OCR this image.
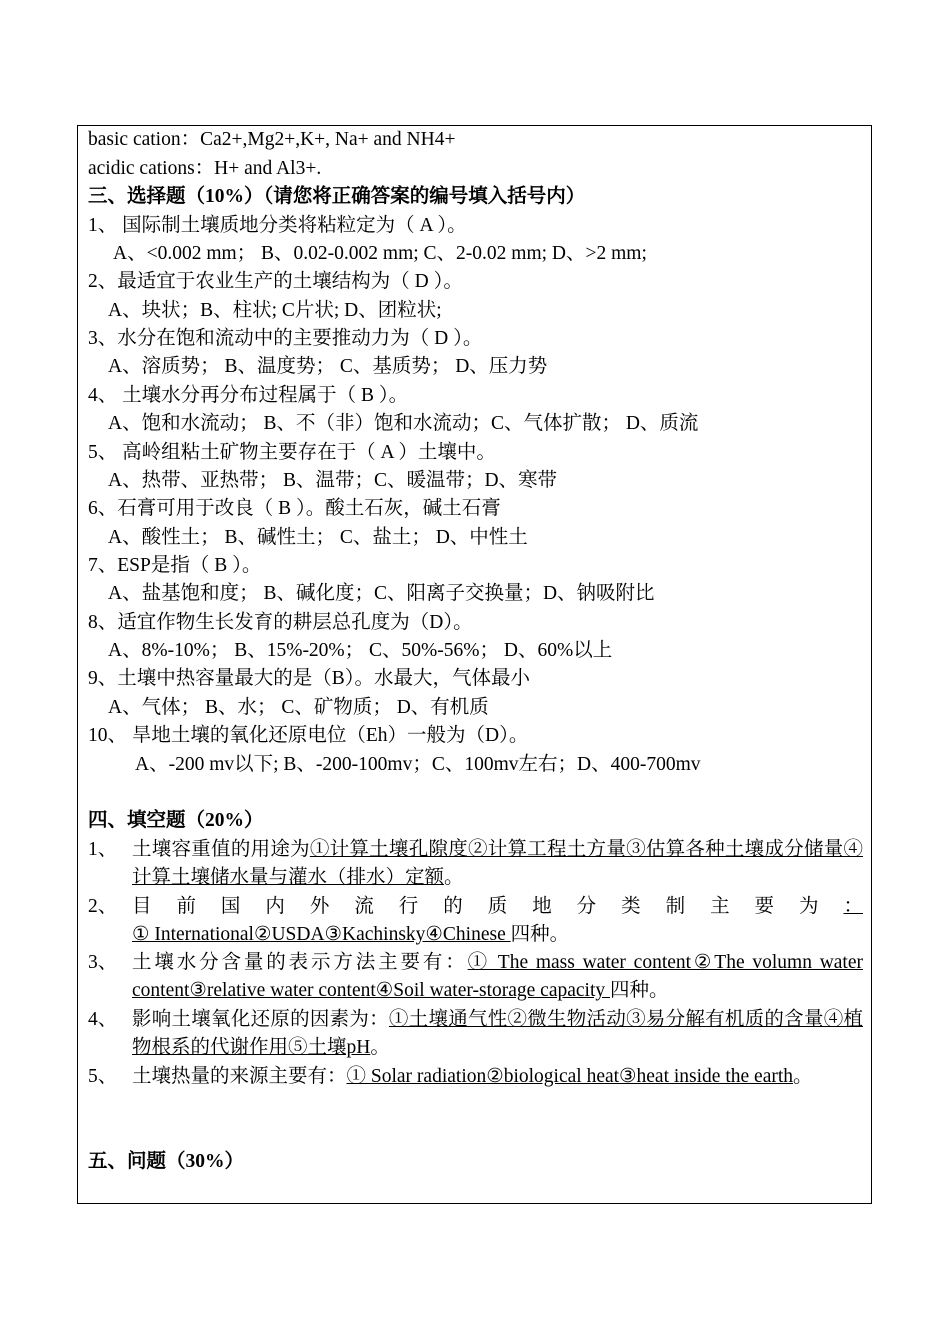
basic cation：Ca2+,Mg2+,K+, Na+ and NH4+
acidic cations：H+ and Al3+.
三、选择题（10%）（请您将正确答案的编号填入括号内）
1、 国际制土壤质地分类将粘粒定为（ A ）。
A、<0.002 mm； B、0.02-0.002 mm; C、2-0.02 mm; D、>2 mm;
2、最适宜于农业生产的土壤结构为（ D ）。
A、块状；B、柱状; C片状; D、团粒状;
3、水分在饱和流动中的主要推动力为（ D ）。
A、溶质势； B、温度势； C、基质势； D、压力势
4、 土壤水分再分布过程属于（ B ）。
A、饱和水流动； B、不（非）饱和水流动；C、气体扩散； D、质流
5、 高岭组粘土矿物主要存在于（ A ）土壤中。
A、热带、亚热带； B、温带；C、暖温带；D、寒带
6、石膏可用于改良（ B ）。酸土石灰，碱土石膏
A、酸性土； B、碱性土； C、盐土； D、中性土
7、ESP是指（ B ）。
A、盐基饱和度； B、碱化度；C、阳离子交换量；D、钠吸附比
8、适宜作物生长发育的耕层总孔度为（D）。
A、8%-10%； B、15%-20%； C、50%-56%； D、60%以上
9、土壤中热容量最大的是（B）。水最大，气体最小
A、气体； B、水； C、矿物质； D、有机质
10、 旱地土壤的氧化还原电位（Eh）一般为（D）。
A、-200 mv以下; B、-200-100mv；C、100mv左右；D、400-700mv
四、填空题（20%）
1、 土壤容重值的用途为①计算土壤孔隙度②计算工程土方量③估算各种土壤成分储量④计算土壤储水量与灌水（排水）定额。
2、 目前国内外流行的质地分类制主要为：
① International②USDA③Kachinsky④Chinese 四种。
3、 土壤水分含量的表示方法主要有：① The mass water content②The volumn water content③relative water content④Soil water-storage capacity 四种。
4、 影响土壤氧化还原的因素为：①土壤通气性②微生物活动③易分解有机质的含量④植物根系的代谢作用⑤土壤pH。
5、 土壤热量的来源主要有：① Solar radiation②biological heat③heat inside the earth。
五、问题（30%）
